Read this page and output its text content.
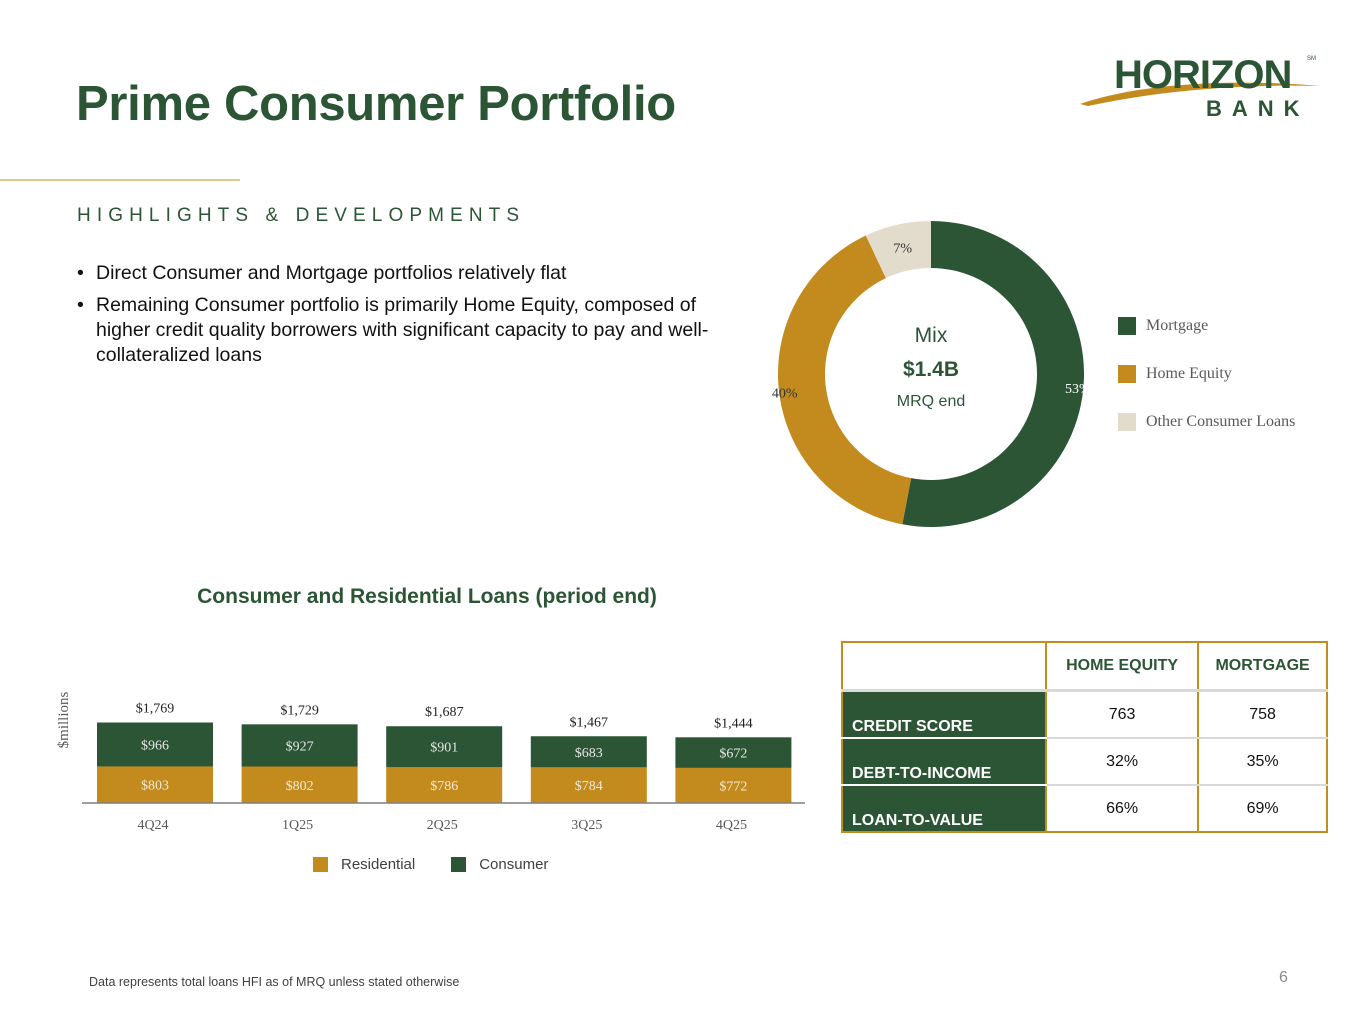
Prime Consumer Portfolio
HORIZON
BANK
SM
HIGHLIGHTS & DEVELOPMENTS
• Direct Consumer and Mortgage portfolios relatively flat
• Remaining Consumer portfolio is primarily Home Equity, composed of higher credit quality borrowers with significant capacity to pay and well-collateralized loans
53%
40%
7%
Mix
$1.4B
MRQ end
Mortgage
Home Equity
Other Consumer Loans
Consumer and Residential Loans (period end)
$millions
$803
$966
$1,769
4Q24
$802
$927
$1,729
1Q25
$786
$901
$1,687
2Q25
$784
$683
$1,467
3Q25
$772
$672
$1,444
4Q25
Residential	Consumer
	HOME EQUITY	MORTGAGE
CREDIT SCORE	763	758
DEBT-TO-INCOME	32%	35%
LOAN-TO-VALUE	66%	69%
Data represents total loans HFI as of MRQ unless stated otherwise	6
